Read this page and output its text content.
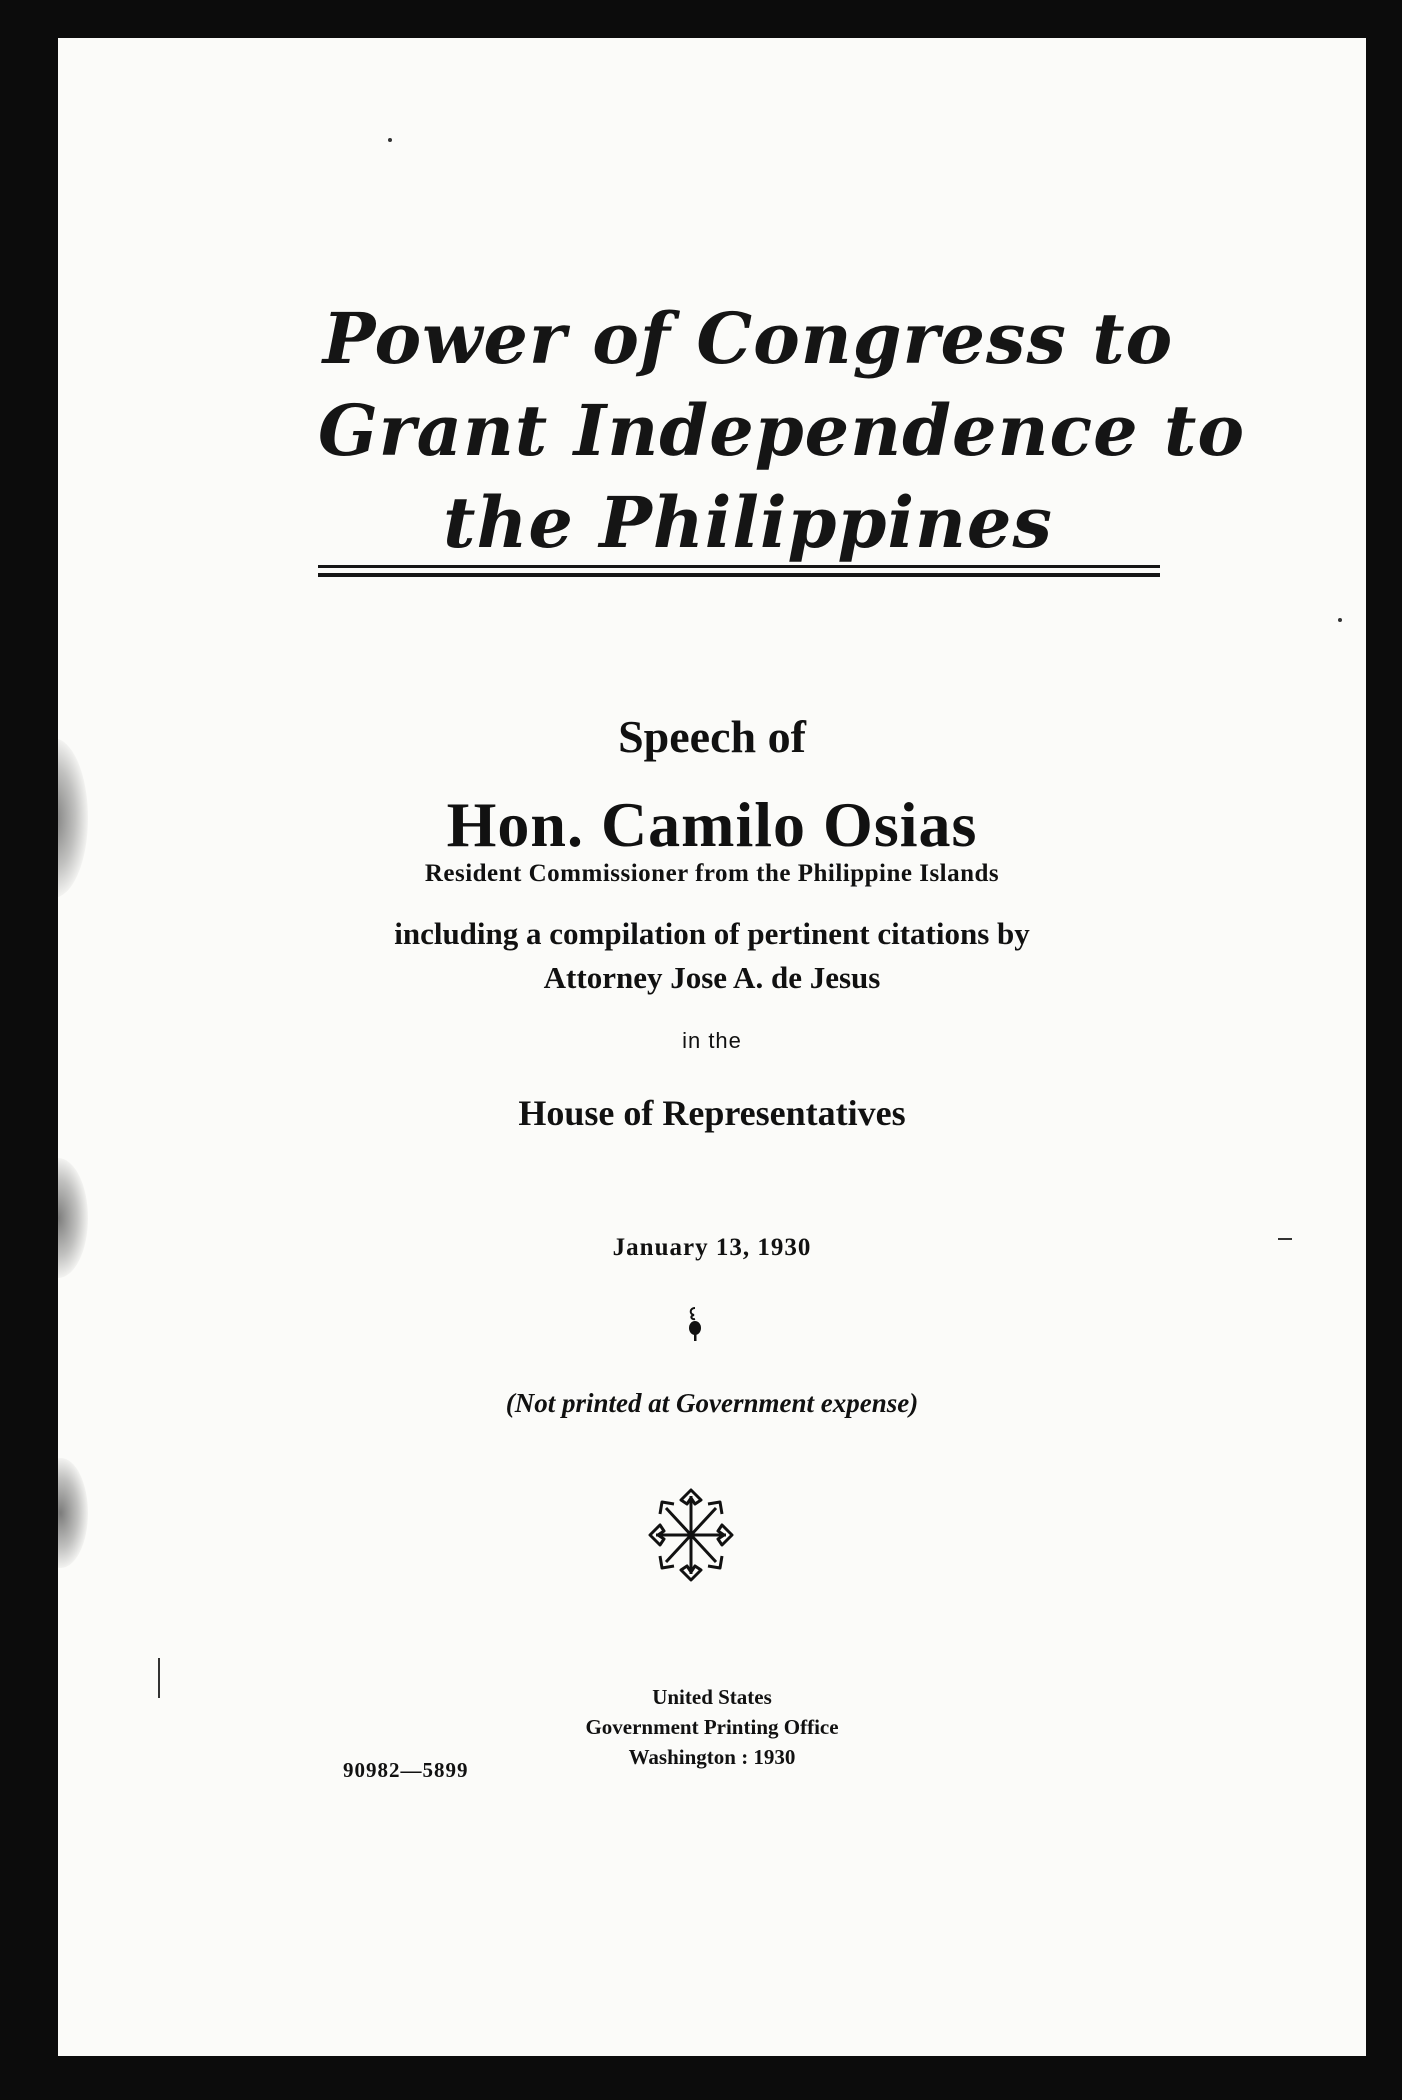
Power of Congress to
Grant Independence to
the Philippines
Speech of
Hon. Camilo Osias
Resident Commissioner from the Philippine Islands
including a compilation of pertinent citations by
Attorney Jose A. de Jesus
in the
House of Representatives
January 13, 1930
(Not printed at Government expense)
United States
Government Printing Office
Washington : 1930
90982—5899
